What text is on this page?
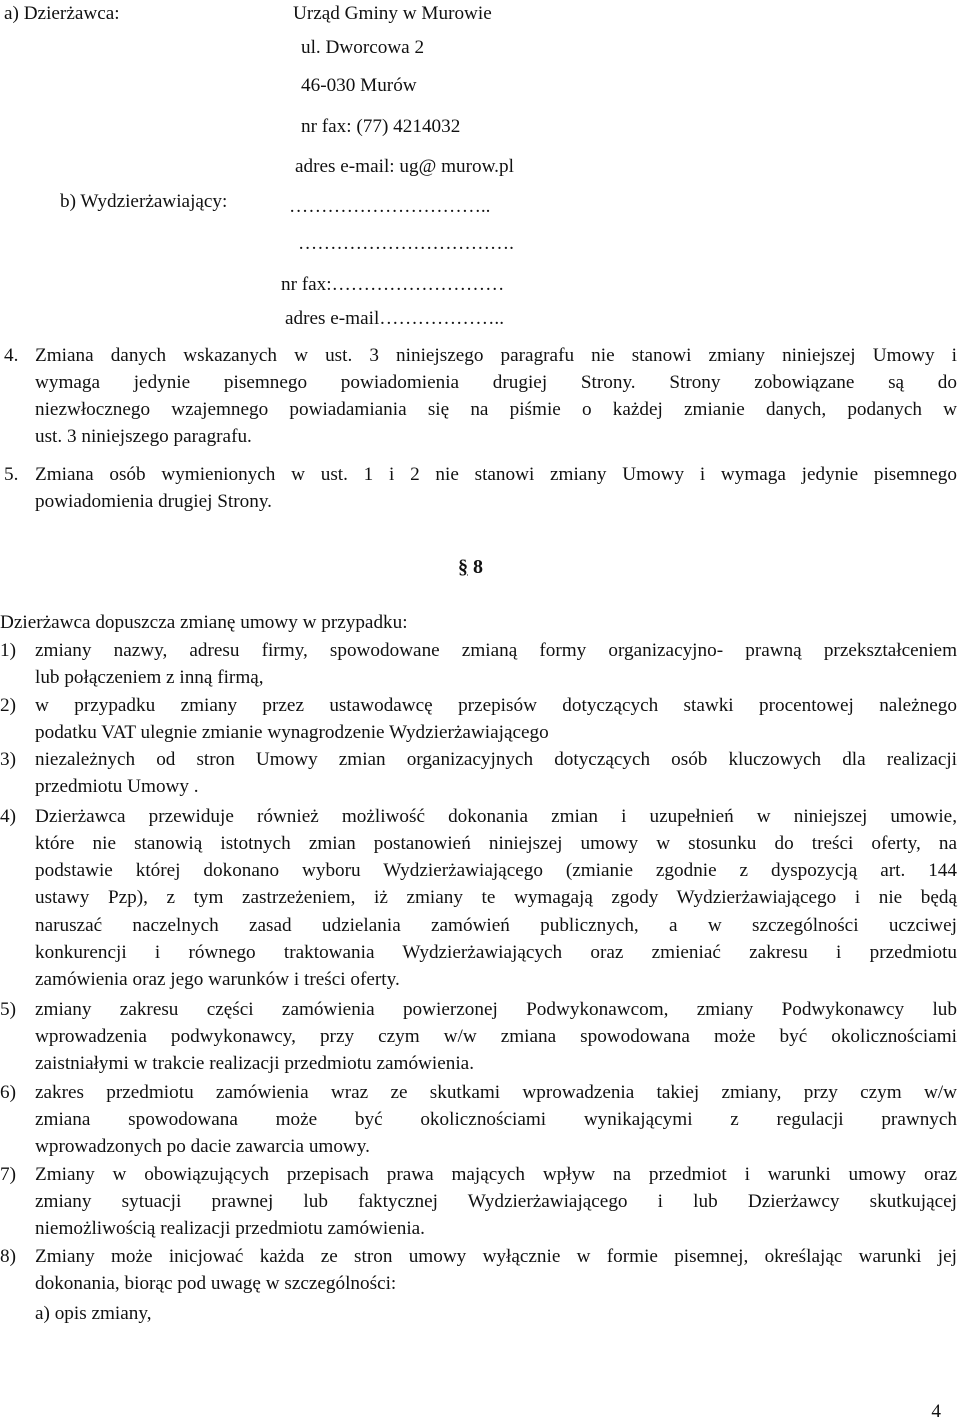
a) Dzierżawca:	Urząd Gminy w Murowie
ul. Dworcowa 2
46-030 Murów
nr fax: (77) 4214032
adres e-mail: ug@ murow.pl
b) Wydzierżawiający:	…………………………..
…………………………….
nr fax:………………………
adres e-mail………………..
4. Zmiana danych wskazanych w ust. 3 niniejszego paragrafu nie stanowi zmiany niniejszej Umowy i
wymaga jedynie pisemnego powiadomienia drugiej Strony. Strony zobowiązane są do
niezwłocznego wzajemnego powiadamiania się na piśmie o każdej zmianie danych, podanych w
ust. 3 niniejszego paragrafu.
5. Zmiana osób wymienionych w ust. 1 i 2 nie stanowi zmiany Umowy i wymaga jedynie pisemnego
powiadomienia drugiej Strony.
§ 8
Dzierżawca dopuszcza zmianę umowy w przypadku:
1) zmiany nazwy, adresu firmy, spowodowane zmianą formy organizacyjno- prawną przekształceniem
lub połączeniem z inną firmą,
2) w przypadku zmiany przez ustawodawcę przepisów dotyczących stawki procentowej należnego
podatku VAT ulegnie zmianie wynagrodzenie Wydzierżawiającego
3) niezależnych od stron Umowy zmian organizacyjnych dotyczących osób kluczowych dla realizacji
przedmiotu Umowy .
4) Dzierżawca przewiduje również możliwość dokonania zmian i uzupełnień w niniejszej umowie,
które nie stanowią istotnych zmian postanowień niniejszej umowy w stosunku do treści oferty, na
podstawie której dokonano wyboru Wydzierżawiającego (zmianie zgodnie z dyspozycją art. 144
ustawy Pzp), z tym zastrzeżeniem, iż zmiany te wymagają zgody Wydzierżawiającego i nie będą
naruszać naczelnych zasad udzielania zamówień publicznych, a w szczególności uczciwej
konkurencji i równego traktowania Wydzierżawiających oraz zmieniać zakresu i przedmiotu
zamówienia oraz jego warunków i treści oferty.
5) zmiany zakresu części zamówienia powierzonej Podwykonawcom, zmiany Podwykonawcy lub
wprowadzenia podwykonawcy, przy czym w/w zmiana spowodowana może być okolicznościami
zaistniałymi w trakcie realizacji przedmiotu zamówienia.
6) zakres przedmiotu zamówienia wraz ze skutkami wprowadzenia takiej zmiany, przy czym w/w
zmiana spowodowana może być okolicznościami wynikającymi z regulacji prawnych
wprowadzonych po dacie zawarcia umowy.
7) Zmiany w obowiązujących przepisach prawa mających wpływ na przedmiot i warunki umowy oraz
zmiany sytuacji prawnej lub faktycznej Wydzierżawiającego i lub Dzierżawcy skutkującej
niemożliwością realizacji przedmiotu zamówienia.
8) Zmiany może inicjować każda ze stron umowy wyłącznie w formie pisemnej, określając warunki jej
dokonania, biorąc pod uwagę w szczególności:
a) opis zmiany,
4
